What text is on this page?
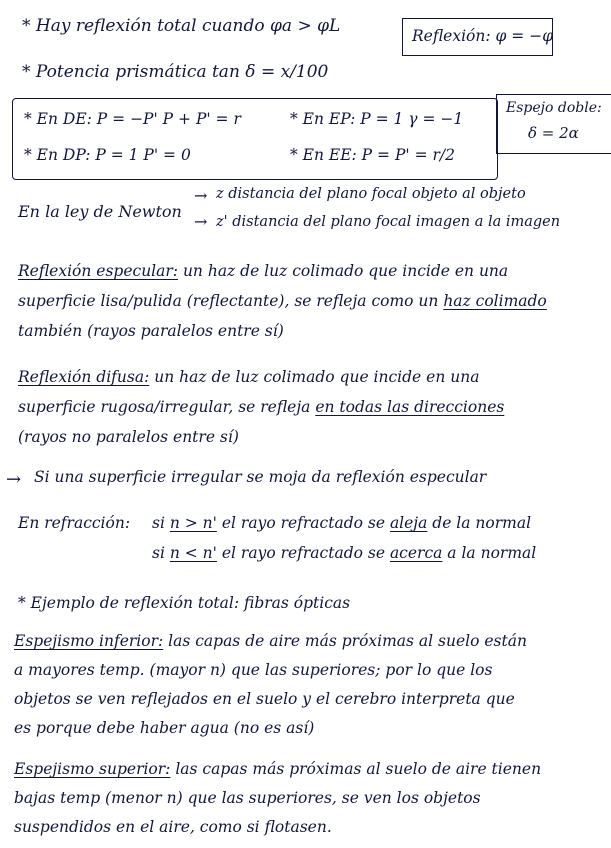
* Hay reflexión total cuando φa > φL	Reflexión: φ = −φ
* Potencia prismática tan δ = x/100
* En DE: P = −P' P + P' = r	* En EP: P = 1 γ = −1
* En DP: P = 1 P' = 0	* En EE: P = P' = r/2
Espejo doble:
δ = 2α
En la ley de Newton
→
→
z distancia del plano focal objeto al objeto
z' distancia del plano focal imagen a la imagen
Reflexión especular: un haz de luz colimado que incide en una
superficie lisa/pulida (reflectante), se refleja como un haz colimado
también (rayos paralelos entre sí)
Reflexión difusa: un haz de luz colimado que incide en una
superficie rugosa/irregular, se refleja en todas las direcciones
(rayos no paralelos entre sí)
→ Si una superficie irregular se moja da reflexión especular
En refracción: si n > n' el rayo refractado se aleja de la normal
si n < n' el rayo refractado se acerca a la normal
* Ejemplo de reflexión total: fibras ópticas
Espejismo inferior: las capas de aire más próximas al suelo están
a mayores temp. (mayor n) que las superiores; por lo que los
objetos se ven reflejados en el suelo y el cerebro interpreta que
es porque debe haber agua (no es así)
Espejismo superior: las capas más próximas al suelo de aire tienen
bajas temp (menor n) que las superiores, se ven los objetos
suspendidos en el aire, como si flotasen.
